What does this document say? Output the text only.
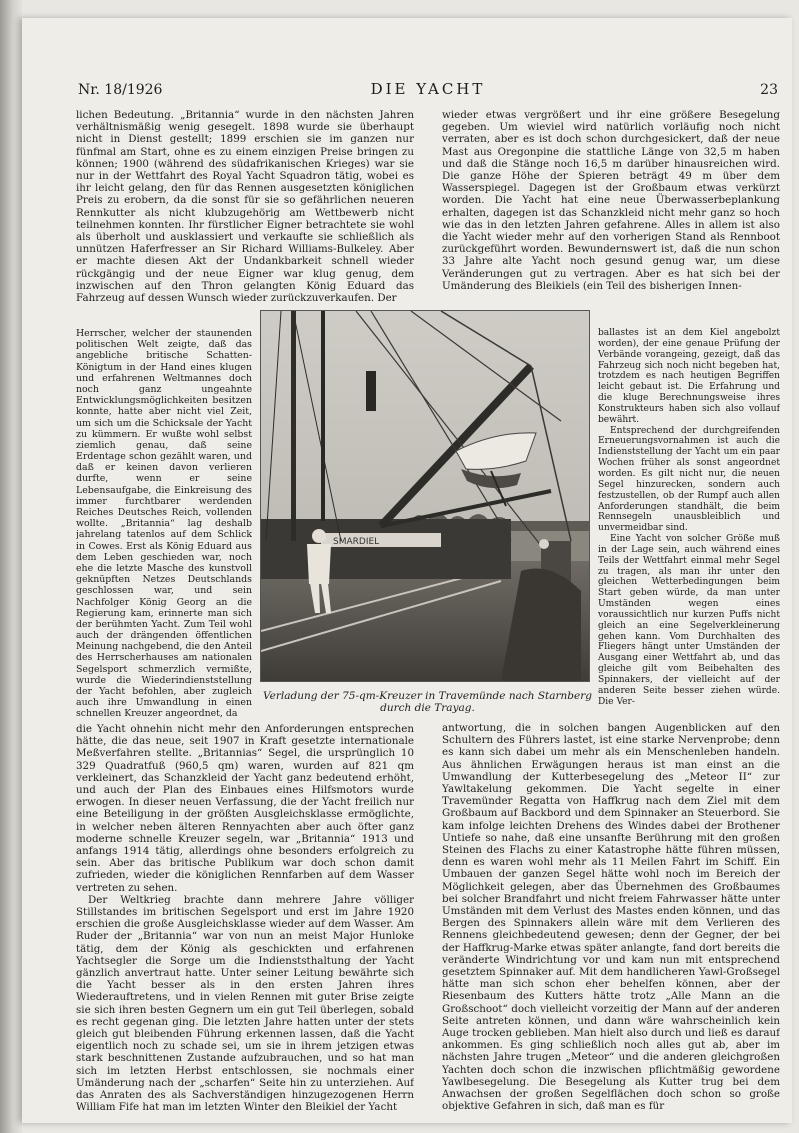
Nr. 18/1926	DIE YACHT	23

lichen Bedeutung. „Britannia“ wurde in den nächsten Jahren verhältnismäßig wenig gesegelt. 1898 wurde sie überhaupt nicht in Dienst gestellt; 1899 erschien sie im ganzen nur fünfmal am Start, ohne es zu einem einzigen Preise bringen zu können; 1900 (während des südafrikanischen Krieges) war sie nur in der Wettfahrt des Royal Yacht Squadron tätig, wobei es ihr leicht gelang, den für das Rennen ausgesetzten königlichen Preis zu erobern, da die sonst für sie so gefährlichen neueren Rennkutter als nicht klubzugehörig am Wettbewerb nicht teilnehmen konnten. Ihr fürstlicher Eigner betrachtete sie wohl als überholt und ausklassiert und verkaufte sie schließlich als unnützen Haferfresser an Sir Richard Williams-Bulkeley. Aber er machte diesen Akt der Undankbarkeit schnell wieder rückgängig und der neue Eigner war klug genug, dem inzwischen auf den Thron gelangten König Eduard das Fahrzeug auf dessen Wunsch wieder zurückzuverkaufen. Der

wieder etwas vergrößert und ihr eine größere Besegelung gegeben. Um wieviel wird natürlich vorläufig noch nicht verraten, aber es ist doch schon durchgesickert, daß der neue Mast aus Oregonpine die stattliche Länge von 32,5 m haben und daß die Stänge noch 16,5 m darüber hinausreichen wird. Die ganze Höhe der Spieren beträgt 49 m über dem Wasserspiegel. Dagegen ist der Großbaum etwas verkürzt worden. Die Yacht hat eine neue Überwasserbeplankung erhalten, dagegen ist das Schanzkleid nicht mehr ganz so hoch wie das in den letzten Jahren gefahrene. Alles in allem ist also die Yacht wieder mehr auf den vorherigen Stand als Rennboot zurückgeführt worden. Bewundernswert ist, daß die nun schon 33 Jahre alte Yacht noch gesund genug war, um diese Veränderungen gut zu vertragen. Aber es hat sich bei der Umänderung des Bleikiels (ein Teil des bisherigen Innen-

SMARDIEL

Herrscher, welcher der staunenden politischen Welt zeigte, daß das angebliche britische Schatten-Königtum in der Hand eines klugen und erfahrenen Weltmannes doch noch ganz ungeahnte Entwicklungsmöglichkeiten besitzen konnte, hatte aber nicht viel Zeit, um sich um die Schicksale der Yacht zu kümmern. Er wußte wohl selbst ziemlich genau, daß seine Erdentage schon gezählt waren, und daß er keinen davon verlieren durfte, wenn er seine Lebensaufgabe, die Einkreisung des immer furchtbarer werdenden Reiches Deutsches Reich, vollenden wollte. „Britannia“ lag deshalb jahrelang tatenlos auf dem Schlick in Cowes. Erst als König Eduard aus dem Leben geschieden war, noch ehe die letzte Masche des kunstvoll geknüpften Netzes Deutschlands geschlossen war, und sein Nachfolger König Georg an die Regierung kam, erinnerte man sich der berühmten Yacht. Zum Teil wohl auch der drängenden öffentlichen Meinung nachgebend, die den Anteil des Herrscherhauses am nationalen Segelsport schmerzlich vermißte, wurde die Wiederindienststellung der Yacht befohlen, aber zugleich auch ihre Umwandlung in einen schnellen Kreuzer angeordnet, da

ballastes ist an dem Kiel angebolzt worden), der eine genaue Prüfung der Verbände vorangeing, gezeigt, daß das Fahrzeug sich noch nicht begeben hat, trotzdem es nach heutigen Begriffen leicht gebaut ist. Die Erfahrung und die kluge Berechnungsweise ihres Konstrukteurs haben sich also vollauf bewährt.

Entsprechend der durchgreifenden Erneuerungsvornahmen ist auch die Indienststellung der Yacht um ein paar Wochen früher als sonst angeordnet worden. Es gilt nicht nur, die neuen Segel hinzurecken, sondern auch festzustellen, ob der Rumpf auch allen Anforderungen standhält, die beim Rennsegeln unausbleiblich und unvermeidbar sind.

Eine Yacht von solcher Größe muß in der Lage sein, auch während eines Teils der Wettfahrt einmal mehr Segel zu tragen, als man ihr unter den gleichen Wetterbedingungen beim Start geben würde, da man unter Umständen wegen eines voraussichtlich nur kurzen Puffs nicht gleich an eine Segelverkleinerung gehen kann. Vom Durchhalten des Fliegers hängt unter Umständen der Ausgang einer Wettfahrt ab, und das gleiche gilt vom Beibehalten des Spinnakers, der vielleicht auf der anderen Seite besser ziehen würde. Die Ver-

Verladung der 75-qm-Kreuzer in Travemünde nach Starnberg durch die Trayag.

die Yacht ohnehin nicht mehr den Anforderungen entsprechen hätte, die das neue, seit 1907 in Kraft gesetzte internationale Meßverfahren stellte. „Britannias“ Segel, die ursprünglich 10 329 Quadratfuß (960,5 qm) waren, wurden auf 821 qm verkleinert, das Schanzkleid der Yacht ganz bedeutend erhöht, und auch der Plan des Einbaues eines Hilfsmotors wurde erwogen. In dieser neuen Verfassung, die der Yacht freilich nur eine Beteiligung in der größten Ausgleichsklasse ermöglichte, in welcher neben älteren Rennyachten aber auch öfter ganz moderne schnelle Kreuzer segeln, war „Britannia“ 1913 und anfangs 1914 tätig, allerdings ohne besonders erfolgreich zu sein. Aber das britische Publikum war doch schon damit zufrieden, wieder die königlichen Rennfarben auf dem Wasser vertreten zu sehen.

Der Weltkrieg brachte dann mehrere Jahre völliger Stillstandes im britischen Segelsport und erst im Jahre 1920 erschien die große Ausgleichsklasse wieder auf dem Wasser. Am Ruder der „Britannia“ war von nun an meist Major Hunloke tätig, dem der König als geschickten und erfahrenen Yachtsegler die Sorge um die Indienststhaltung der Yacht gänzlich anvertraut hatte. Unter seiner Leitung bewährte sich die Yacht besser als in den ersten Jahren ihres Wiederauftretens, und in vielen Rennen mit guter Brise zeigte sie sich ihren besten Gegnern um ein gut Teil überlegen, sobald es recht gegenan ging. Die letzten Jahre hatten unter der stets gleich gut bleibenden Führung erkennen lassen, daß die Yacht eigentlich noch zu schade sei, um sie in ihrem jetzigen etwas stark beschnittenen Zustande aufzubrauchen, und so hat man sich im letzten Herbst entschlossen, sie nochmals einer Umänderung nach der „scharfen“ Seite hin zu unterziehen. Auf das Anraten des als Sachverständigen hinzugezogenen Herrn William Fife hat man im letzten Winter den Bleikiel der Yacht

antwortung, die in solchen bangen Augenblicken auf den Schultern des Führers lastet, ist eine starke Nervenprobe; denn es kann sich dabei um mehr als ein Menschenleben handeln. Aus ähnlichen Erwägungen heraus ist man einst an die Umwandlung der Kutterbesegelung des „Meteor II“ zur Yawltakelung gekommen. Die Yacht segelte in einer Travemünder Regatta von Haffkrug nach dem Ziel mit dem Großbaum auf Backbord und dem Spinnaker an Steuerbord. Sie kam infolge leichten Drehens des Windes dabei der Brothener Untiefe so nahe, daß eine unsanfte Berührung mit den großen Steinen des Flachs zu einer Katastrophe hätte führen müssen, denn es waren wohl mehr als 11 Meilen Fahrt im Schiff. Ein Umbauen der ganzen Segel hätte wohl noch im Bereich der Möglichkeit gelegen, aber das Übernehmen des Großbaumes bei solcher Brandfahrt und nicht freiem Fahrwasser hätte unter Umständen mit dem Verlust des Mastes enden können, und das Bergen des Spinnakers allein wäre mit dem Verlieren des Rennens gleichbedeutend gewesen; denn der Gegner, der bei der Haffkrug-Marke etwas später anlangte, fand dort bereits die veränderte Windrichtung vor und kam nun mit entsprechend gesetztem Spinnaker auf. Mit dem handlicheren Yawl-Großsegel hätte man sich schon eher behelfen können, aber der Riesenbaum des Kutters hätte trotz „Alle Mann an die Großschoot“ doch vielleicht vorzeitig der Mann auf der anderen Seite antreten können, und dann wäre wahrscheinlich kein Auge trocken geblieben. Man hielt also durch und ließ es darauf ankommen. Es ging schließlich noch alles gut ab, aber im nächsten Jahre trugen „Meteor“ und die anderen gleichgroßen Yachten doch schon die inzwischen pflichtmäßig gewordene Yawlbesegelung. Die Besegelung als Kutter trug bei dem Anwachsen der großen Segelflächen doch schon so große objektive Gefahren in sich, daß man es für
